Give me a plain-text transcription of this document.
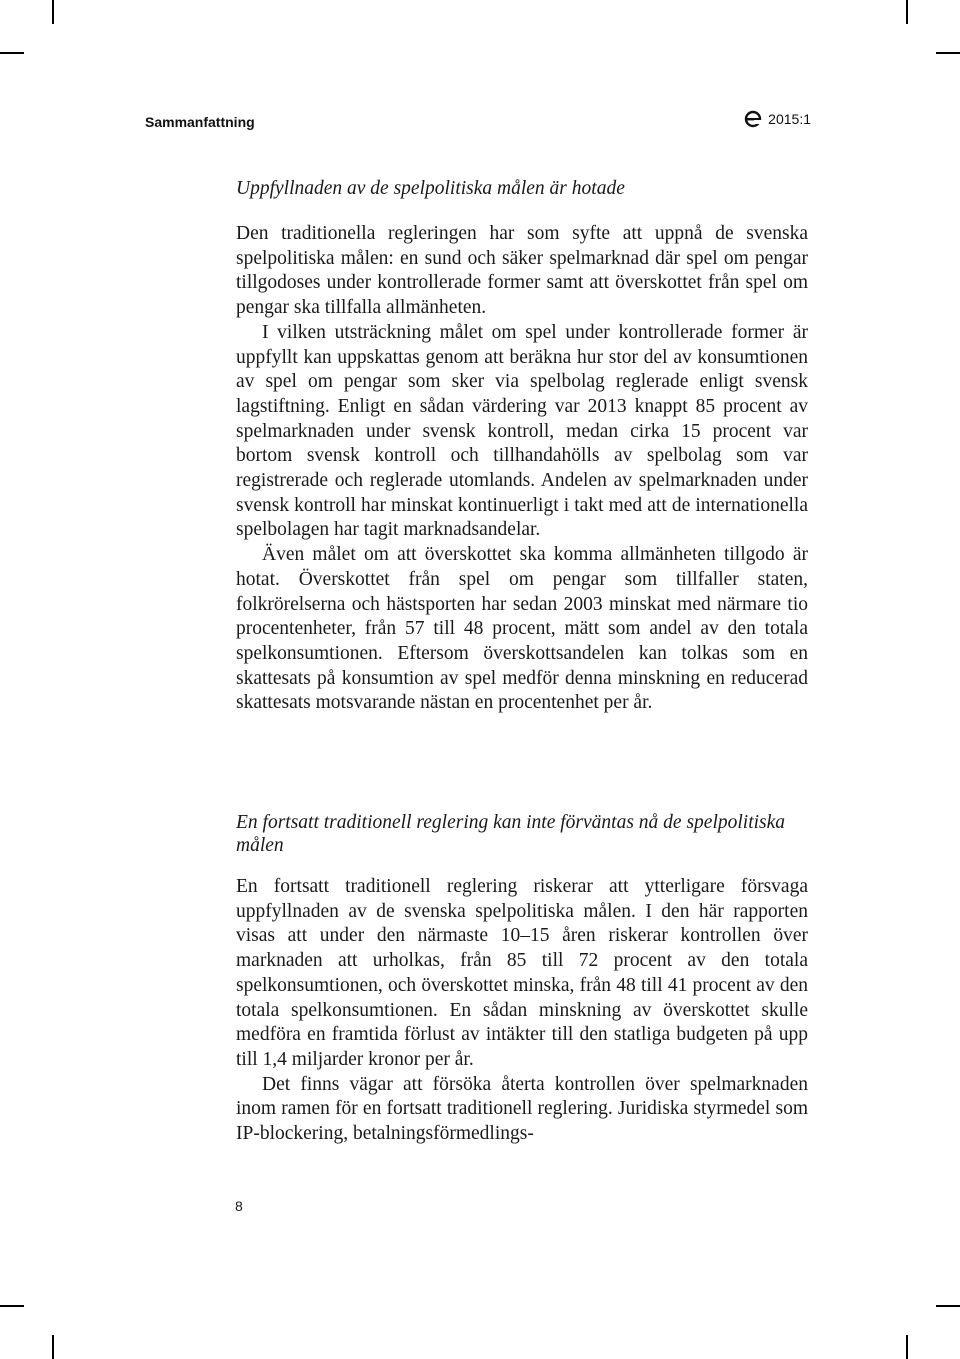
Sammanfattning	2015:1
Uppfyllnaden av de spelpolitiska målen är hotade

Den traditionella regleringen har som syfte att uppnå de svenska spelpolitiska målen: en sund och säker spelmarknad där spel om pengar tillgodoses under kontrollerade former samt att överskottet från spel om pengar ska tillfalla allmänheten.

I vilken utsträckning målet om spel under kontrollerade former är uppfyllt kan uppskattas genom att beräkna hur stor del av konsumtionen av spel om pengar som sker via spelbolag reglerade enligt svensk lagstiftning. Enligt en sådan värdering var 2013 knappt 85 procent av spelmarknaden under svensk kontroll, medan cirka 15 procent var bortom svensk kontroll och tillhandahölls av spelbolag som var registrerade och reglerade utomlands. Andelen av spelmarknaden under svensk kontroll har minskat kontinuerligt i takt med att de internationella spelbolagen har tagit marknadsandelar.

Även målet om att överskottet ska komma allmänheten tillgodo är hotat. Överskottet från spel om pengar som tillfaller staten, folkrörelserna och hästsporten har sedan 2003 minskat med närmare tio procentenheter, från 57 till 48 procent, mätt som andel av den totala spelkonsumtionen. Eftersom överskottsandelen kan tolkas som en skattesats på konsumtion av spel medför denna minskning en reducerad skattesats motsvarande nästan en procentenhet per år.

En fortsatt traditionell reglering kan inte förväntas nå de spelpolitiska målen

En fortsatt traditionell reglering riskerar att ytterligare försvaga uppfyllnaden av de svenska spelpolitiska målen. I den här rapporten visas att under den närmaste 10–15 åren riskerar kontrollen över marknaden att urholkas, från 85 till 72 procent av den totala spelkonsumtionen, och överskottet minska, från 48 till 41 procent av den totala spelkonsumtionen. En sådan minskning av överskottet skulle medföra en framtida förlust av intäkter till den statliga budgeten på upp till 1,4 miljarder kronor per år.

Det finns vägar att försöka återta kontrollen över spelmarknaden inom ramen för en fortsatt traditionell reglering. Juridiska styrmedel som IP-blockering, betalningsförmedlings-

8
